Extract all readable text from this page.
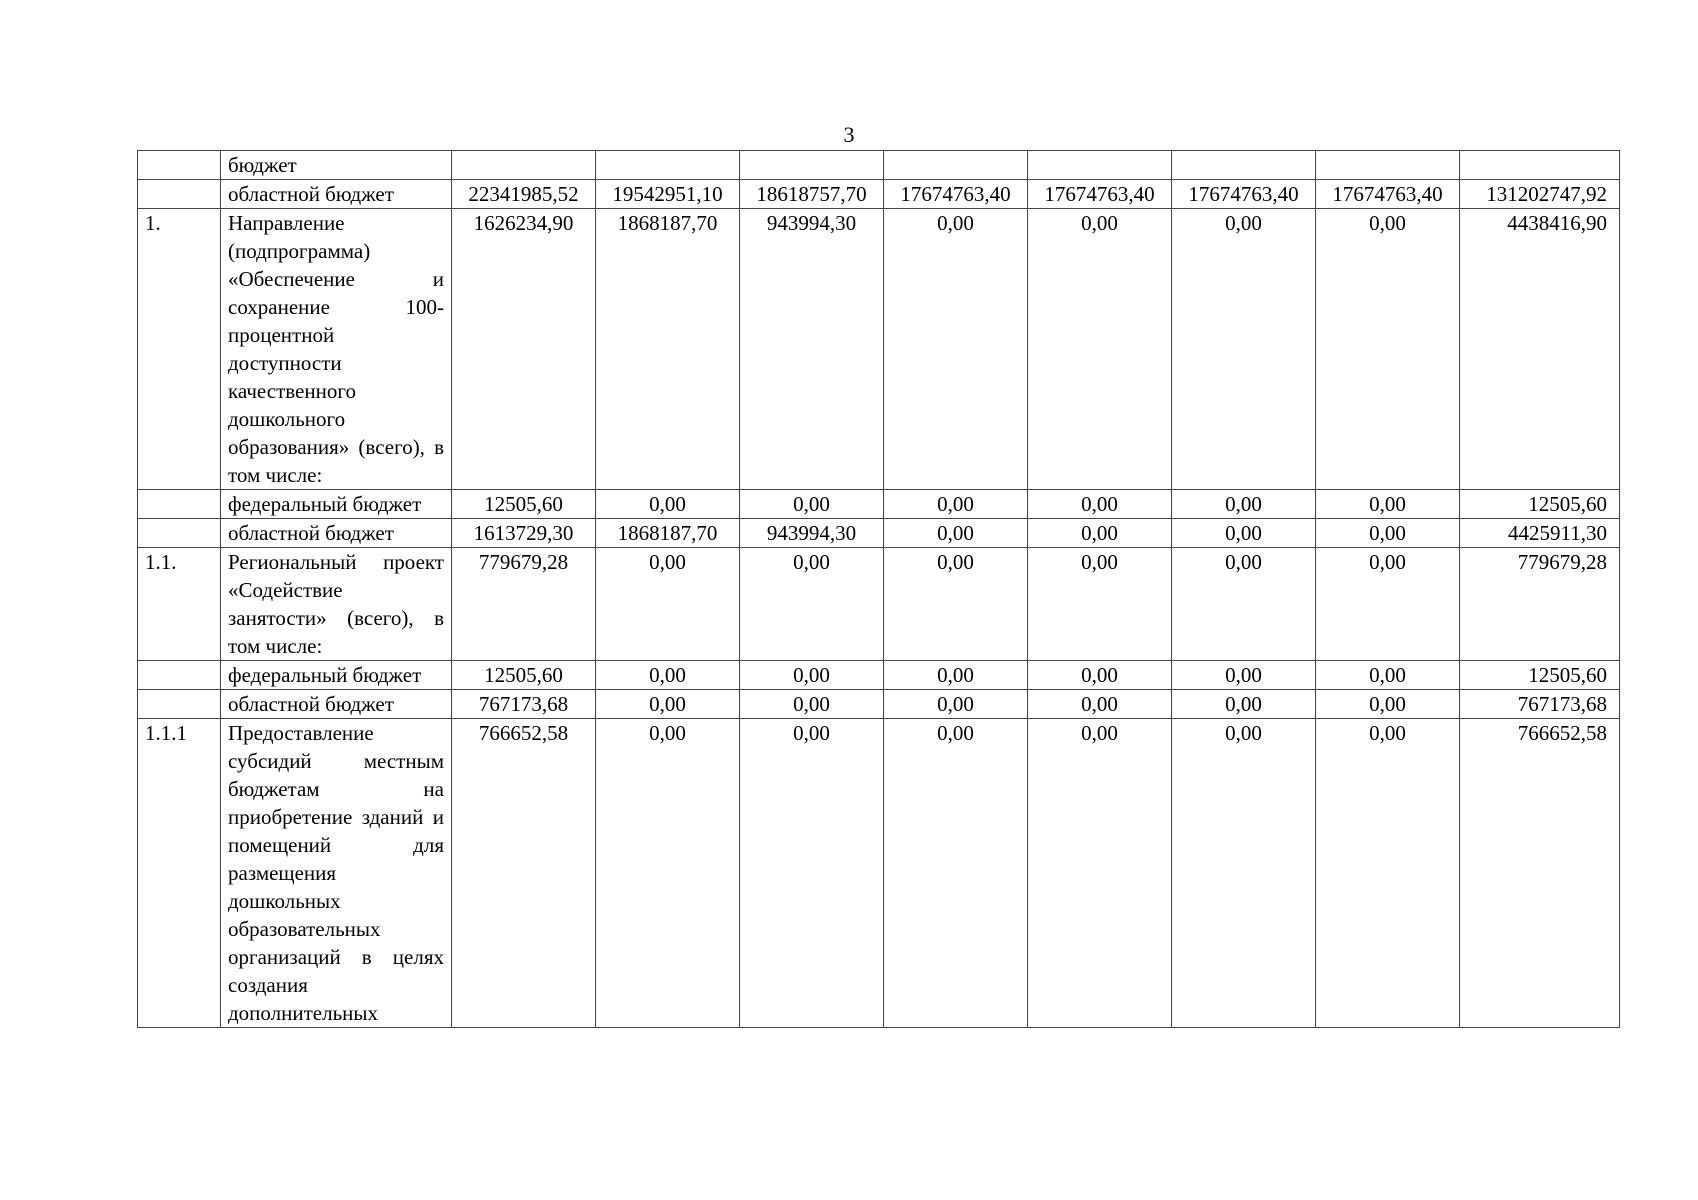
3
	бюджет								
	областной бюджет	22341985,52	19542951,10	18618757,70	17674763,40	17674763,40	17674763,40	17674763,40	131202747,92
1.	Направление (подпрограмма) «Обеспечение и сохранение 100-процентной доступности качественного дошкольного образования» (всего), в том числе:	1626234,90	1868187,70	943994,30	0,00	0,00	0,00	0,00	4438416,90
	федеральный бюджет	12505,60	0,00	0,00	0,00	0,00	0,00	0,00	12505,60
	областной бюджет	1613729,30	1868187,70	943994,30	0,00	0,00	0,00	0,00	4425911,30
1.1.	Региональный проект «Содействие занятости» (всего), в том числе:	779679,28	0,00	0,00	0,00	0,00	0,00	0,00	779679,28
	федеральный бюджет	12505,60	0,00	0,00	0,00	0,00	0,00	0,00	12505,60
	областной бюджет	767173,68	0,00	0,00	0,00	0,00	0,00	0,00	767173,68
1.1.1	Предоставление субсидий местным бюджетам на приобретение зданий и помещений для размещения дошкольных образовательных организаций в целях создания дополнительных	766652,58	0,00	0,00	0,00	0,00	0,00	0,00	766652,58
